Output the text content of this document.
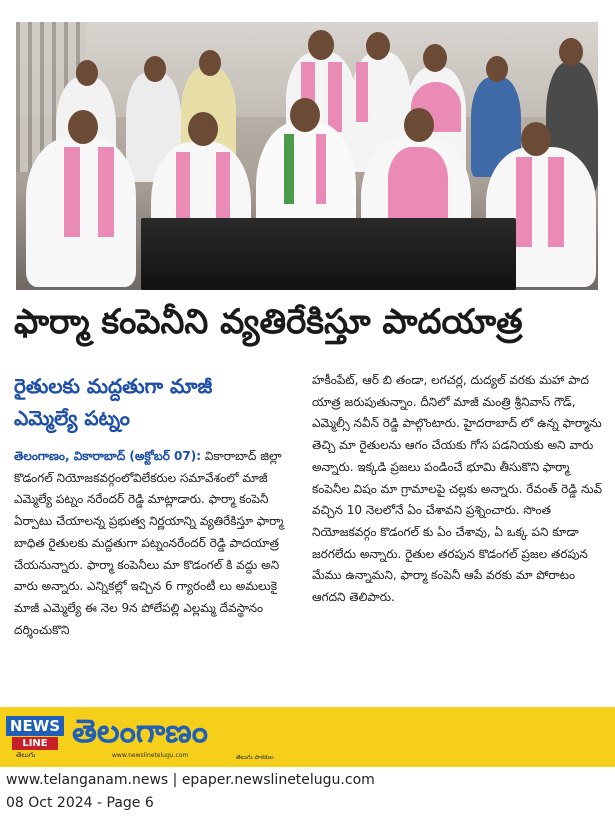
ఫార్మా కంపెనీని వ్యతిరేకిస్తూ పాదయాత్ర
రైతులకు మద్దతుగా మాజీ ఎమ్మెల్యే పట్నం
తెలంగాణం, వికారాబాద్ (అక్టోబర్ 07): వికారాబాద్ జిల్లా కొడంగల్ నియోజకవర్గంలోవిలేకరుల సమావేశంలో మాజీ ఎమ్మెల్యే పట్నం నరేందర్ రెడ్డి మాట్లాడారు. ఫార్మా కంపెనీ ఏర్పాటు చేయాలన్న ప్రభుత్వ నిర్ణయాన్ని వ్యతిరేకిస్తూ ఫార్మా బాధిత రైతులకు మద్దతుగా పట్నంనరేందర్ రెడ్డి పాదయాత్ర చేయనున్నారు. ఫార్మా కంపెనీలు మా కొడంగల్ కి వద్దు అని వారు అన్నారు. ఎన్నికల్లో ఇచ్చిన 6 గ్యారంటీ లు అమలుకై మాజీ ఎమ్మెల్యే ఈ నెల 9న పోలేపల్లి ఎల్లమ్మ దేవస్థానం దర్శించుకొని
హకీంపేట్, ఆర్ బి తండా, లగచర్ల, దుద్యల్ వరకు మహా పాద యాత్ర జరుపుతున్నాం. దీనిలో మాజీ మంత్రి శ్రీనివాస్ గౌడ్, ఎమ్మెల్సీ నవీన్ రెడ్డి పాల్గొంటారు. హైదరాబాద్ లో ఉన్న ఫార్మాను తెచ్చి మా రైతులను ఆగం చేయకు గోస పడనియకు అని వారు అన్నారు. ఇక్కడి ప్రజలు పండించే భూమి తీసుకొని ఫార్మా కంపెనీల విషం మా గ్రామాలపై చల్లకు అన్నారు. రేవంత్ రెడ్డి నువ్ వచ్చిన 10 నెలలోనే ఏం చేశావని ప్రశ్నించారు. సొంత నియోజకవర్గం కొడంగల్ కు ఏం చేశావు, ఏ ఒక్క పని కూడా జరగలేదు అన్నారు. రైతుల తరపున కొడంగల్ ప్రజల తరపున మేము ఉన్నామని, ఫార్మా కంపెనీ ఆపే వరకు మా పోరాటం ఆగదని తెలిపారు.
NEWS
LINE
తెలుగు
తెలంగాణం
www.newslinetelugu.com	తెలుగు పాఠకుల
www.telanganam.news | epaper.newslinetelugu.com
08 Oct 2024 - Page 6
